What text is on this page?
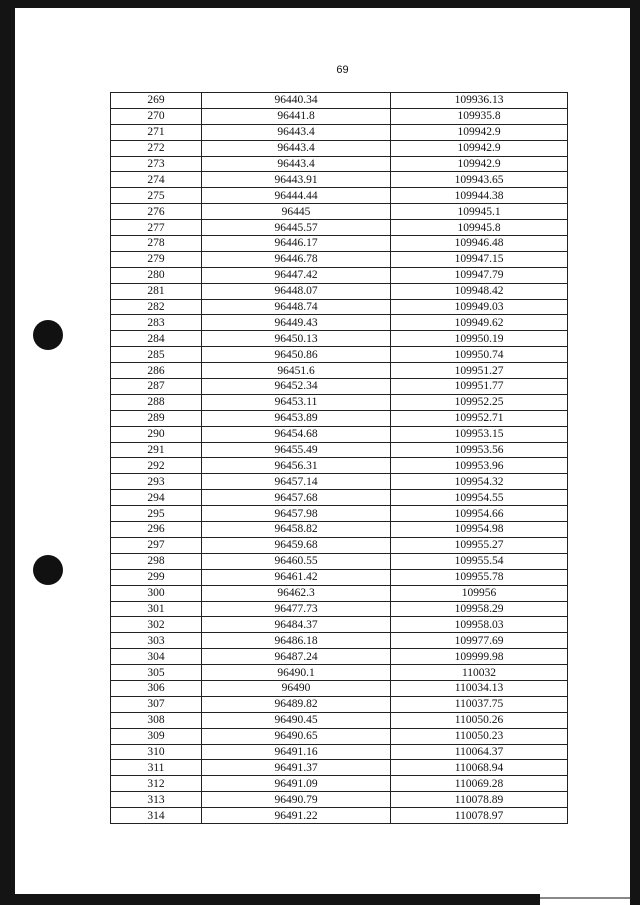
69
269	96440.34	109936.13
270	96441.8	109935.8
271	96443.4	109942.9
272	96443.4	109942.9
273	96443.4	109942.9
274	96443.91	109943.65
275	96444.44	109944.38
276	96445	109945.1
277	96445.57	109945.8
278	96446.17	109946.48
279	96446.78	109947.15
280	96447.42	109947.79
281	96448.07	109948.42
282	96448.74	109949.03
283	96449.43	109949.62
284	96450.13	109950.19
285	96450.86	109950.74
286	96451.6	109951.27
287	96452.34	109951.77
288	96453.11	109952.25
289	96453.89	109952.71
290	96454.68	109953.15
291	96455.49	109953.56
292	96456.31	109953.96
293	96457.14	109954.32
294	96457.68	109954.55
295	96457.98	109954.66
296	96458.82	109954.98
297	96459.68	109955.27
298	96460.55	109955.54
299	96461.42	109955.78
300	96462.3	109956
301	96477.73	109958.29
302	96484.37	109958.03
303	96486.18	109977.69
304	96487.24	109999.98
305	96490.1	110032
306	96490	110034.13
307	96489.82	110037.75
308	96490.45	110050.26
309	96490.65	110050.23
310	96491.16	110064.37
311	96491.37	110068.94
312	96491.09	110069.28
313	96490.79	110078.89
314	96491.22	110078.97
